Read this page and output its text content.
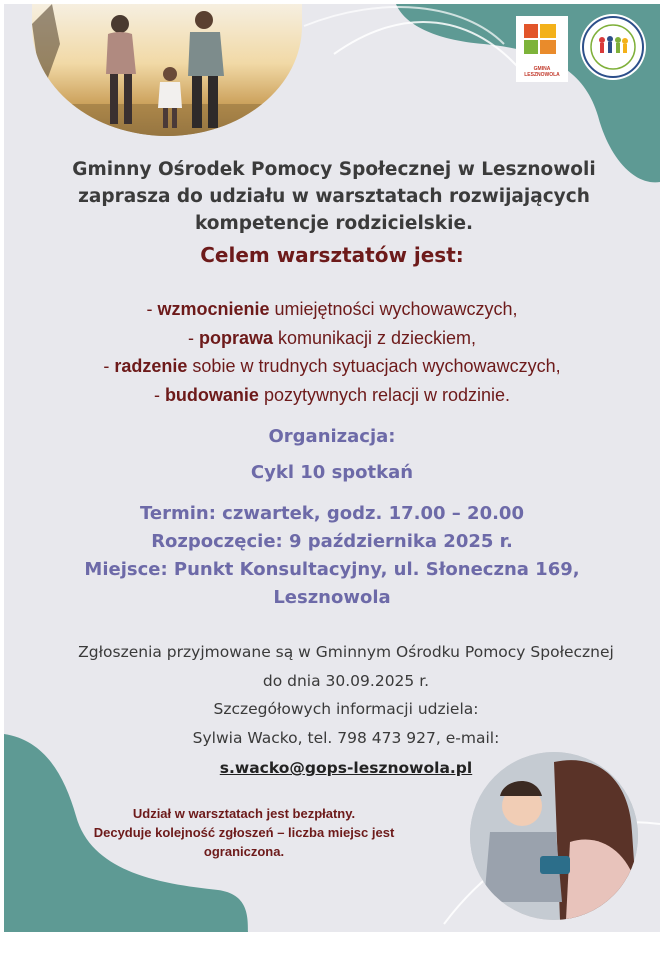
GMINA LESZNOWOLA
Gminny Ośrodek Pomocy Społecznej w Lesznowoli
zaprasza do udziału w warsztatach rozwijających
kompetencje rodzicielskie.
Celem warsztatów jest:
- wzmocnienie umiejętności wychowawczych,
- poprawa komunikacji z dzieckiem,
- radzenie sobie w trudnych sytuacjach wychowawczych,
- budowanie pozytywnych relacji w rodzinie.
Organizacja:
Cykl 10 spotkań
Termin: czwartek, godz. 17.00 – 20.00
Rozpoczęcie: 9 października 2025 r.
Miejsce: Punkt Konsultacyjny, ul. Słoneczna 169,
Lesznowola
Zgłoszenia przyjmowane są w Gminnym Ośrodku Pomocy Społecznej
do dnia 30.09.2025 r.
Szczegółowych informacji udziela:
Sylwia Wacko, tel. 798 473 927, e-mail:
s.wacko@gops-lesznowola.pl
Udział w warsztatach jest bezpłatny.
Decyduje kolejność zgłoszeń – liczba miejsc jest
ograniczona.
